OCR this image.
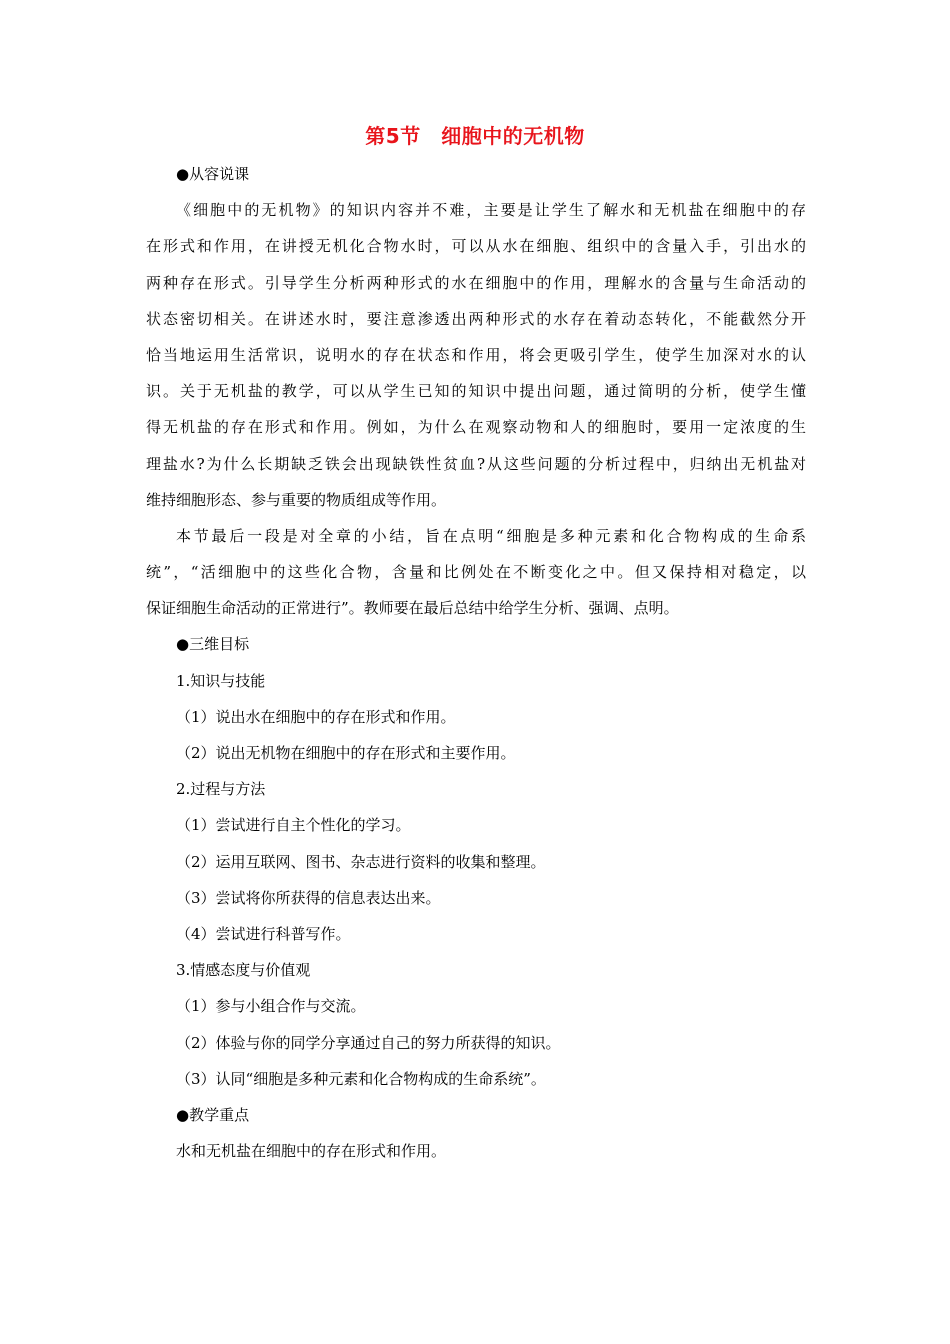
第5节　细胞中的无机物
●从容说课
《细胞中的无机物》的知识内容并不难，主要是让学生了解水和无机盐在细胞中的存
在形式和作用，在讲授无机化合物水时，可以从水在细胞、组织中的含量入手，引出水的
两种存在形式。引导学生分析两种形式的水在细胞中的作用，理解水的含量与生命活动的
状态密切相关。在讲述水时，要注意渗透出两种形式的水存在着动态转化，不能截然分开
恰当地运用生活常识，说明水的存在状态和作用，将会更吸引学生，使学生加深对水的认
识。关于无机盐的教学，可以从学生已知的知识中提出问题，通过简明的分析，使学生懂
得无机盐的存在形式和作用。例如，为什么在观察动物和人的细胞时，要用一定浓度的生
理盐水?为什么长期缺乏铁会出现缺铁性贫血?从这些问题的分析过程中，归纳出无机盐对
维持细胞形态、参与重要的物质组成等作用。
本节最后一段是对全章的小结，旨在点明“细胞是多种元素和化合物构成的生命系
统”，“活细胞中的这些化合物，含量和比例处在不断变化之中。但又保持相对稳定，以
保证细胞生命活动的正常进行”。教师要在最后总结中给学生分析、强调、点明。
●三维目标
1.知识与技能
（1）说出水在细胞中的存在形式和作用。
（2）说出无机物在细胞中的存在形式和主要作用。
2.过程与方法
（1）尝试进行自主个性化的学习。
（2）运用互联网、图书、杂志进行资料的收集和整理。
（3）尝试将你所获得的信息表达出来。
（4）尝试进行科普写作。
3.情感态度与价值观
（1）参与小组合作与交流。
（2）体验与你的同学分享通过自己的努力所获得的知识。
（3）认同“细胞是多种元素和化合物构成的生命系统”。
●教学重点
水和无机盐在细胞中的存在形式和作用。
